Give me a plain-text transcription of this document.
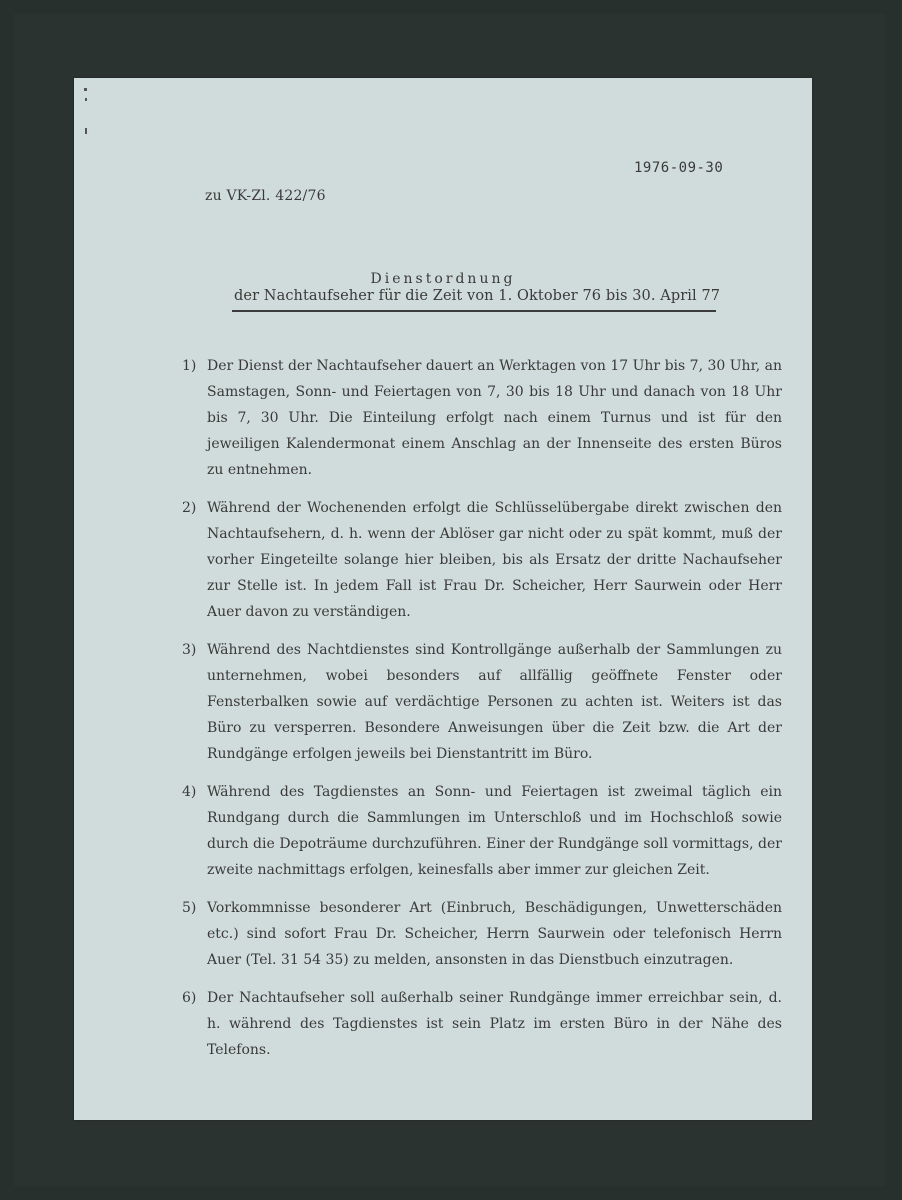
1976-09-30
zu VK-Zl. 422/76
Dienstordnung
der Nachtaufseher für die Zeit von 1. Oktober 76 bis 30. April 77
1) Der Dienst der Nachtaufseher dauert an Werktagen von 17 Uhr bis 7, 30 Uhr, an Samstagen, Sonn- und Feiertagen von 7, 30 bis 18 Uhr und danach von 18 Uhr bis 7, 30 Uhr. Die Einteilung erfolgt nach einem Turnus und ist für den jeweiligen Kalendermonat einem Anschlag an der Innenseite des ersten Büros zu entnehmen.
2) Während der Wochenenden erfolgt die Schlüsselübergabe direkt zwischen den Nachtaufsehern, d. h. wenn der Ablöser gar nicht oder zu spät kommt, muß der vorher Eingeteilte solange hier bleiben, bis als Ersatz der dritte Nachaufseher zur Stelle ist. In jedem Fall ist Frau Dr. Scheicher, Herr Saurwein oder Herr Auer davon zu verständigen.
3) Während des Nachtdienstes sind Kontrollgänge außerhalb der Sammlungen zu unternehmen, wobei besonders auf allfällig geöffnete Fenster oder Fensterbalken sowie auf verdächtige Personen zu achten ist. Weiters ist das Büro zu versperren. Besondere Anweisungen über die Zeit bzw. die Art der Rundgänge erfolgen jeweils bei Dienstantritt im Büro.
4) Während des Tagdienstes an Sonn- und Feiertagen ist zweimal täglich ein Rundgang durch die Sammlungen im Unterschloß und im Hochschloß sowie durch die Depoträume durchzuführen. Einer der Rundgänge soll vormittags, der zweite nachmittags erfolgen, keinesfalls aber immer zur gleichen Zeit.
5) Vorkommnisse besonderer Art (Einbruch, Beschädigungen, Unwetterschäden etc.) sind sofort Frau Dr. Scheicher, Herrn Saurwein oder telefonisch Herrn Auer (Tel. 31 54 35) zu melden, ansonsten in das Dienstbuch einzutragen.
6) Der Nachtaufseher soll außerhalb seiner Rundgänge immer erreichbar sein, d. h. während des Tagdienstes ist sein Platz im ersten Büro in der Nähe des Telefons.
